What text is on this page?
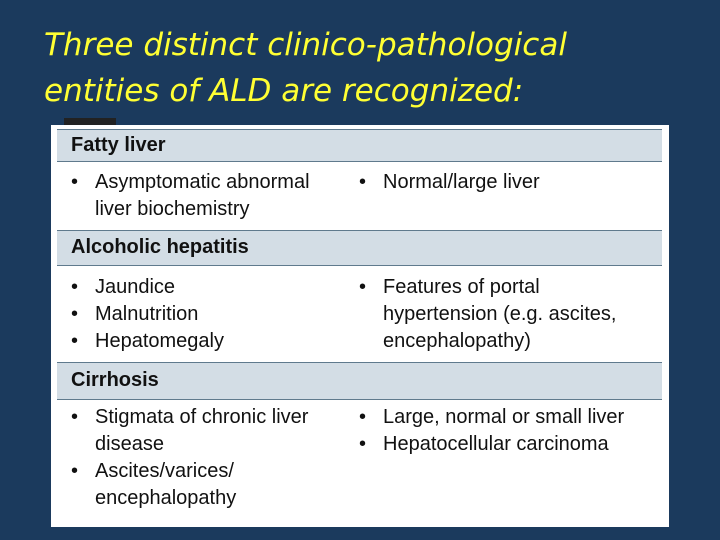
Three distinct clinico-pathological
entities of ALD are recognized:
Fatty liver
• Asymptomatic abnormal
liver biochemistry
• Normal/large liver
Alcoholic hepatitis
• Jaundice
• Malnutrition
• Hepatomegaly
• Features of portal
hypertension (e.g. ascites,
encephalopathy)
Cirrhosis
• Stigmata of chronic liver
disease
• Ascites/varices/
encephalopathy
• Large, normal or small liver
• Hepatocellular carcinoma
